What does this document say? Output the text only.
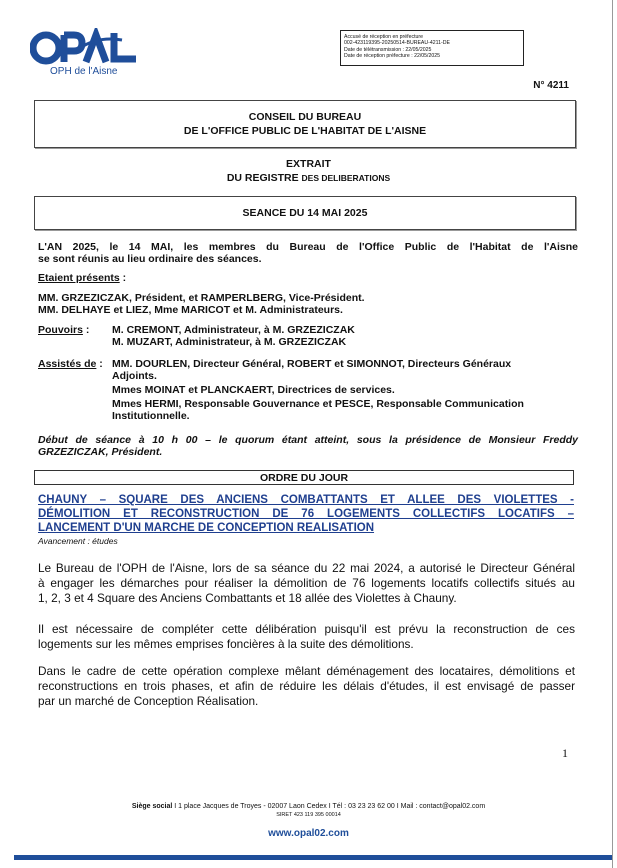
OPH de l'Aisne
Accusé de réception en préfecture
002-423119395-20250514-BUREAU-4211-DE
Date de télétransmission : 22/05/2025
Date de réception préfecture : 22/05/2025
N° 4211
CONSEIL DU BUREAU
DE L'OFFICE PUBLIC DE L'HABITAT DE L'AISNE
EXTRAIT
DU REGISTRE DES DELIBERATIONS
SEANCE DU 14 MAI 2025
L'AN 2025, le 14 MAI, les membres du Bureau de l'Office Public de l'Habitat de l'Aisne
se sont réunis au lieu ordinaire des séances.
Etaient présents :
MM. GRZEZICZAK, Président, et RAMPERLBERG, Vice-Président.
MM. DELHAYE et LIEZ, Mme MARICOT et M. Administrateurs.
Pouvoirs :	M. CREMONT, Administrateur, à M. GRZEZICZAK
M. MUZART, Administrateur, à M. GRZEZICZAK
Assistés de : MM. DOURLEN, Directeur Général, ROBERT et SIMONNOT, Directeurs Généraux
Adjoints.
Mmes MOINAT et PLANCKAERT, Directrices de services.
Mmes HERMI, Responsable Gouvernance et PESCE, Responsable Communication
Institutionnelle.
Début de séance à 10 h 00 – le quorum étant atteint, sous la présidence de Monsieur Freddy
GRZEZICZAK, Président.
ORDRE DU JOUR
CHAUNY – SQUARE DES ANCIENS COMBATTANTS ET ALLEE DES VIOLETTES -
DÉMOLITION ET RECONSTRUCTION DE 76 LOGEMENTS COLLECTIFS LOCATIFS –
LANCEMENT D'UN MARCHE DE CONCEPTION REALISATION
Avancement : études
Le Bureau de l'OPH de l'Aisne, lors de sa séance du 22 mai 2024, a autorisé le Directeur Général
à engager les démarches pour réaliser la démolition de 76 logements locatifs collectifs situés au
1, 2, 3 et 4 Square des Anciens Combattants et 18 allée des Violettes à Chauny.
Il est nécessaire de compléter cette délibération puisqu'il est prévu la reconstruction de ces
logements sur les mêmes emprises foncières à la suite des démolitions.
Dans le cadre de cette opération complexe mêlant déménagement des locataires, démolitions et
reconstructions en trois phases, et afin de réduire les délais d'études, il est envisagé de passer
par un marché de Conception Réalisation.
1
Siège social I 1 place Jacques de Troyes - 02007 Laon Cedex I Tél : 03 23 23 62 00 I Mail : contact@opal02.com
SIRET 423 119 395 00014
www.opal02.com
